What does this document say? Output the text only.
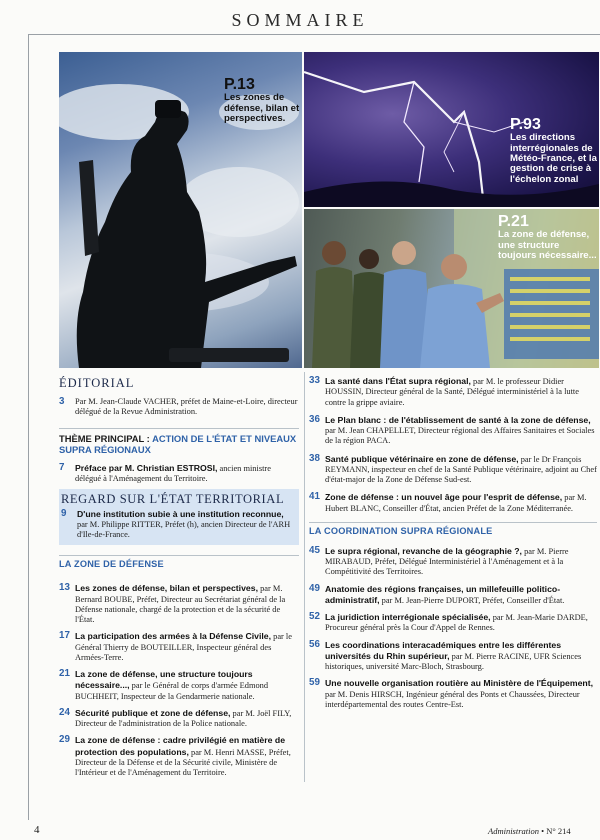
SOMMAIRE
P.13
Les zones de défense, bilan et perspectives.	P.93
Les directions interrégionales de Météo-France, et la gestion de crise à l'échelon zonal
P.21
La zone de défense, une structure toujours nécessaire...
ÉDITORIAL
3	Par M. Jean-Claude VACHER, préfet de Maine-et-Loire, directeur délégué de la Revue Administration.
THÈME PRINCIPAL : ACTION DE L'ÉTAT ET NIVEAUX SUPRA RÉGIONAUX
7	Préface par M. Christian ESTROSI, ancien ministre délégué à l'Aménagement du Territoire.
REGARD SUR L'ÉTAT TERRITORIAL
9	D'une institution subie à une institution reconnue, par M. Philippe RITTER, Préfet (h), ancien Directeur de l'ARH d'Ile-de-France.
LA ZONE DE DÉFENSE
13 Les zones de défense, bilan et perspectives, par M. Bernard BOUBE, Préfet, Directeur au Secrétariat général de la Défense nationale, chargé de la protection et de la sécurité de l'État.
17 La participation des armées à la Défense Civile, par le Général Thierry de BOUTEILLER, Inspecteur général des Armées-Terre.
21 La zone de défense, une structure toujours nécessaire..., par le Général de corps d'armée Edmond BUCHHEIT, Inspecteur de la Gendarmerie nationale.
24 Sécurité publique et zone de défense, par M. Joël FILY, Directeur de l'administration de la Police nationale.
29 La zone de défense : cadre privilégié en matière de protection des populations, par M. Henri MASSE, Préfet, Directeur de la Défense et de la Sécurité civile, Ministère de l'Intérieur et de l'Aménagement du Territoire.
33 La santé dans l'État supra régional, par M. le professeur Didier HOUSSIN, Directeur général de la Santé, Délégué interministériel à la lutte contre la grippe aviaire.
36 Le Plan blanc : de l'établissement de santé à la zone de défense, par M. Jean CHAPELLET, Directeur régional des Affaires Sanitaires et Sociales de la région PACA.
38 Santé publique vétérinaire en zone de défense, par le Dr François REYMANN, inspecteur en chef de la Santé Publique vétérinaire, adjoint au Chef d'état-major de la Zone de Défense Sud-est.
41 Zone de défense : un nouvel âge pour l'esprit de défense, par M. Hubert BLANC, Conseiller d'État, ancien Préfet de la Zone Méditerranée.
LA COORDINATION SUPRA RÉGIONALE
45 Le supra régional, revanche de la géographie ?, par M. Pierre MIRABAUD, Préfet, Délégué Interministériel à l'Aménagement et à la Compétitivité des Territoires.
49 Anatomie des régions françaises, un millefeuille politico-administratif, par M. Jean-Pierre DUPORT, Préfet, Conseiller d'État.
52 La juridiction interrégionale spécialisée, par M. Jean-Marie DARDE, Procureur général près la Cour d'Appel de Rennes.
56 Les coordinations interacadémiques entre les différentes universités du Rhin supérieur, par M. Pierre RACINE, UFR Sciences historiques, université Marc-Bloch, Strasbourg.
59 Une nouvelle organisation routière au Ministère de l'Équipement, par M. Denis HIRSCH, Ingénieur général des Ponts et Chaussées, Directeur interdépartemental des routes Centre-Est.
4	Administration • N° 214
